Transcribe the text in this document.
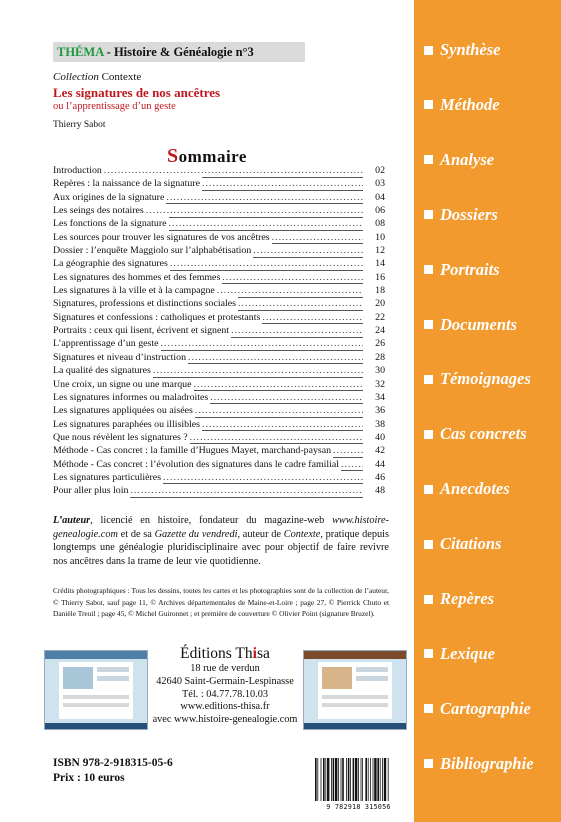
THÉMA - Histoire & Généalogie n°3
Collection Contexte
Les signatures de nos ancêtres
ou l’apprentissage d’un geste
Thierry Sabot
Sommaire
Introduction .....	02
Repères : la naissance de la signature .....	03
Aux origines de la signature .....	04
Les seings des notaires .....	06
Les fonctions de la signature .....	08
Les sources pour trouver les signatures de vos ancêtres .....	10
Dossier : l’enquête Maggiolo sur l’alphabétisation .....	12
La géographie des signatures .....	14
Les signatures des hommes et des femmes .....	16
Les signatures à la ville et à la campagne .....	18
Signatures, professions et distinctions sociales .....	20
Signatures et confessions : catholiques et protestants .....	22
Portraits : ceux qui lisent, écrivent et signent .....	24
L’apprentissage d’un geste .....	26
Signatures et niveau d’instruction .....	28
La qualité des signatures .....	30
Une croix, un signe ou une marque .....	32
Les signatures informes ou maladroites .....	34
Les signatures appliquées ou aisées .....	36
Les signatures paraphées ou illisibles .....	38
Que nous révèlent les signatures ? .....	40
Méthode - Cas concret : la famille d’Hugues Mayet, marchand-paysan .....	42
Méthode - Cas concret : l’évolution des signatures dans le cadre familial .....	44
Les signatures particulières .....	46
Pour aller plus loin .....	48
L’auteur, licencié en histoire, fondateur du magazine-web www.histoire-genealogie.com et de sa Gazette du vendredi, auteur de Contexte, pratique depuis longtemps une généalogie pluridisciplinaire avec pour objectif de faire revivre nos ancêtres dans la trame de leur vie quotidienne.
Crédits photographiques : Tous les dessins, toutes les cartes et les photographies sont de la collection de l’auteur, © Thierry Sabot, sauf page 11, © Archives départementales de Maine-et-Loire ; page 27, © Pierrick Chuto et Danièle Treuil ; page 45, © Michel Guironnet ; et première de couverture © Olivier Point (signature Bruzel).
Éditions Thisa
18 rue de verdun
42640 Saint-Germain-Lespinasse
Tél. : 04.77.78.10.03
www.editions-thisa.fr
avec www.histoire-genealogie.com
ISBN 978-2-918315-05-6
Prix : 10 euros
9 782918 315056
Synthèse
Méthode
Analyse
Dossiers
Portraits
Documents
Témoignages
Cas concrets
Anecdotes
Citations
Repères
Lexique
Cartographie
Bibliographie
